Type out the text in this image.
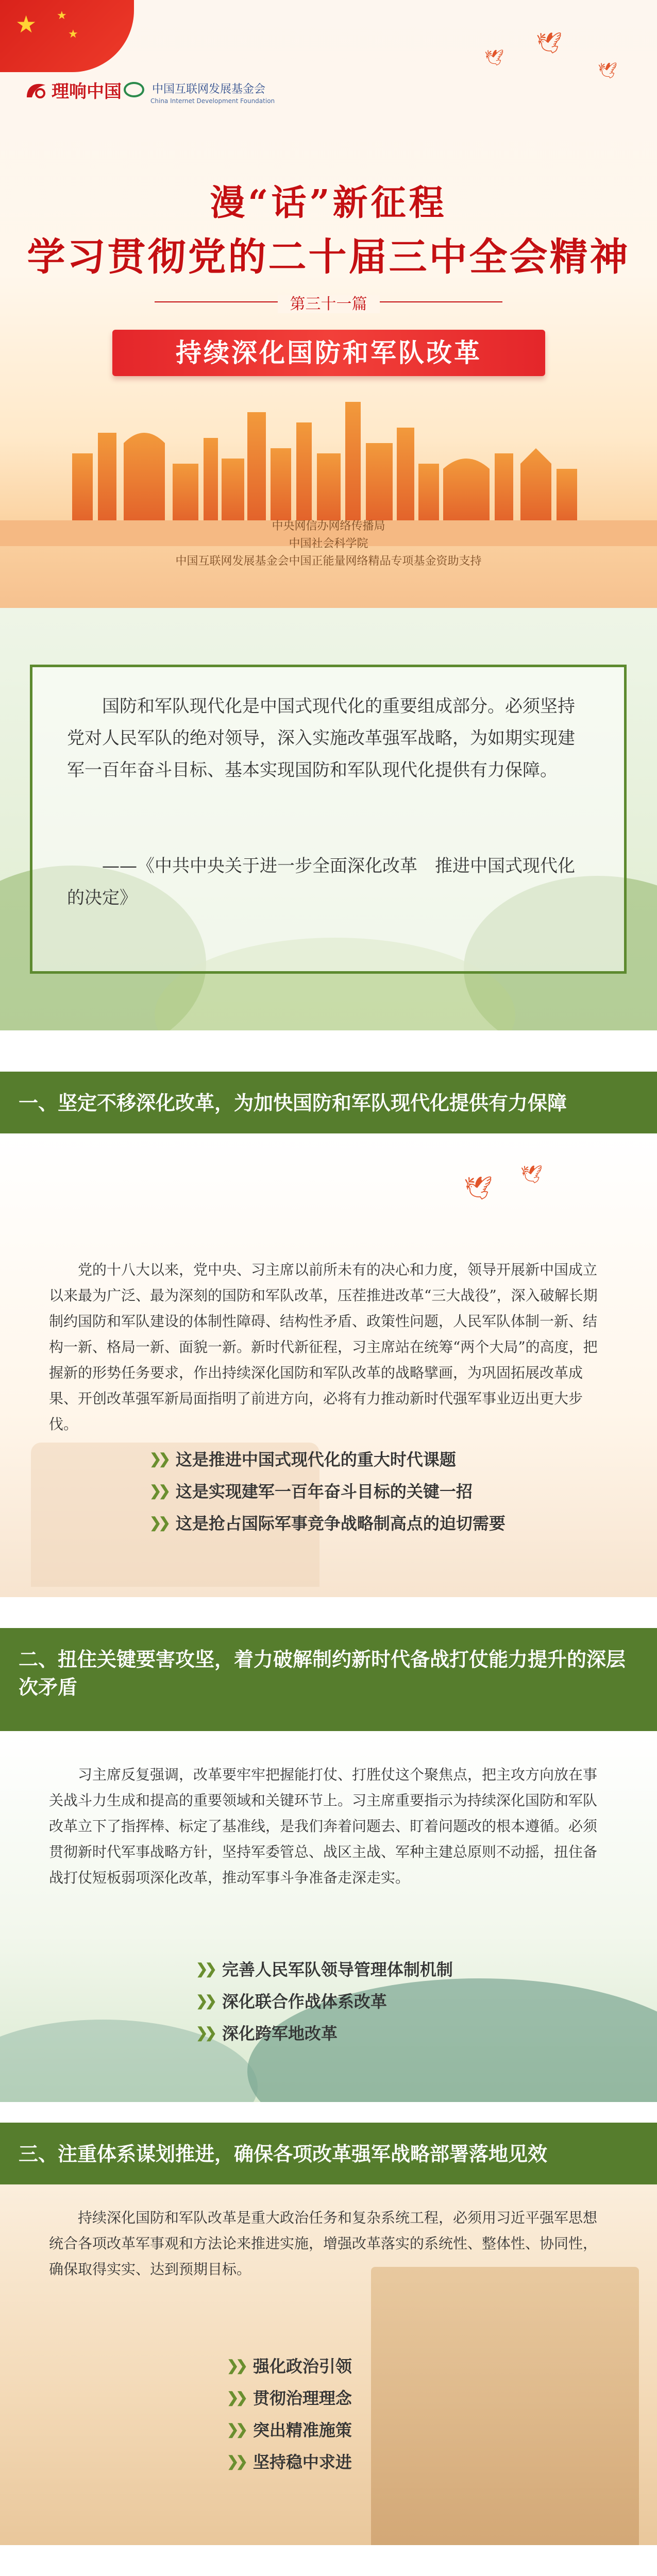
★ ★
★
🕊
🕊
🕊
理响中国	中国互联网发展基金会
China Internet Development Foundation
漫“话”新征程
学习贯彻党的二十届三中全会精神
第三十一篇
持续深化国防和军队改革
中央网信办网络传播局
中国社会科学院
中国互联网发展基金会中国正能量网络精品专项基金资助支持
国防和军队现代化是中国式现代化的重要组成部分。必须坚持党对人民军队的绝对领导，深入实施改革强军战略，为如期实现建军一百年奋斗目标、基本实现国防和军队现代化提供有力保障。
——《中共中央关于进一步全面深化改革　推进中国式现代化的决定》
一、坚定不移深化改革，为加快国防和军队现代化提供有力保障
🕊
🕊
党的十八大以来，党中央、习主席以前所未有的决心和力度，领导开展新中国成立以来最为广泛、最为深刻的国防和军队改革，压茬推进改革“三大战役”，深入破解长期制约国防和军队建设的体制性障碍、结构性矛盾、政策性问题，人民军队体制一新、结构一新、格局一新、面貌一新。新时代新征程，习主席站在统筹“两个大局”的高度，把握新的形势任务要求，作出持续深化国防和军队改革的战略擘画，为巩固拓展改革成果、开创改革强军新局面指明了前进方向，必将有力推动新时代强军事业迈出更大步伐。
❯❯ 这是推进中国式现代化的重大时代课题
❯❯ 这是实现建军一百年奋斗目标的关键一招
❯❯ 这是抢占国际军事竞争战略制高点的迫切需要
二、扭住关键要害攻坚，着力破解制约新时代备战打仗能力提升的深层次矛盾
习主席反复强调，改革要牢牢把握能打仗、打胜仗这个聚焦点，把主攻方向放在事关战斗力生成和提高的重要领域和关键环节上。习主席重要指示为持续深化国防和军队改革立下了指挥棒、标定了基准线，是我们奔着问题去、盯着问题改的根本遵循。必须贯彻新时代军事战略方针，坚持军委管总、战区主战、军种主建总原则不动摇，扭住备战打仗短板弱项深化改革，推动军事斗争准备走深走实。
❯❯ 完善人民军队领导管理体制机制
❯❯ 深化联合作战体系改革
❯❯ 深化跨军地改革
三、注重体系谋划推进，确保各项改革强军战略部署落地见效
持续深化国防和军队改革是重大政治任务和复杂系统工程，必须用习近平强军思想统合各项改革军事观和方法论来推进实施，增强改革落实的系统性、整体性、协同性，确保取得实实、达到预期目标。
❯❯ 强化政治引领
❯❯ 贯彻治理理念
❯❯ 突出精准施策
❯❯ 坚持稳中求进
